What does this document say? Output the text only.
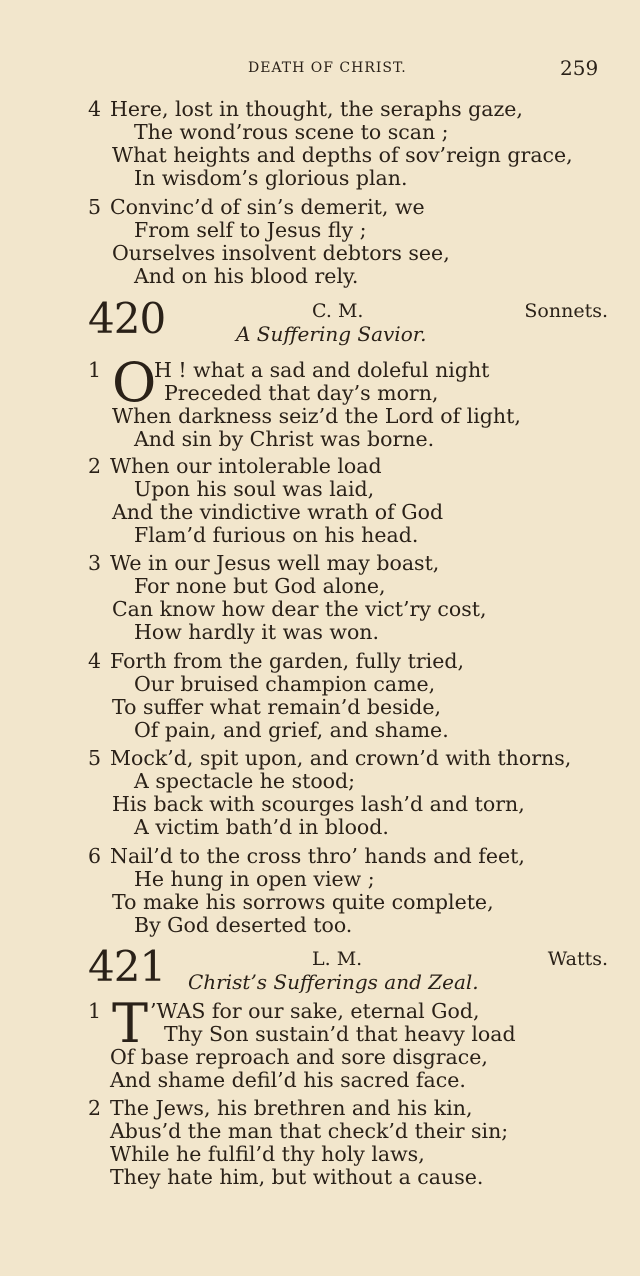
DEATH OF CHRIST.	259
4 Here, lost in thought, the seraphs gaze,
The wond’rous scene to scan ;
What heights and depths of sov’reign grace,
In wisdom’s glorious plan.
5 Convinc’d of sin’s demerit, we
From self to Jesus fly ;
Ourselves insolvent debtors see,
And on his blood rely.
420	C. M.	Sonnets.
A Suffering Savior.
O
1	H ! what a sad and doleful night
Preceded that day’s morn,
When darkness seiz’d the Lord of light,
And sin by Christ was borne.
2 When our intolerable load
Upon his soul was laid,
And the vindictive wrath of God
Flam’d furious on his head.
3 We in our Jesus well may boast,
For none but God alone,
Can know how dear the vict’ry cost,
How hardly it was won.
4 Forth from the garden, fully tried,
Our bruised champion came,
To suffer what remain’d beside,
Of pain, and grief, and shame.
5 Mock’d, spit upon, and crown’d with thorns,
A spectacle he stood;
His back with scourges lash’d and torn,
A victim bath’d in blood.
6 Nail’d to the cross thro’ hands and feet,
He hung in open view ;
To make his sorrows quite complete,
By God deserted too.
421	L. M.	Watts.
Christ’s Sufferings and Zeal.
T
1 ’WAS for our sake, eternal God,
Thy Son sustain’d that heavy load
Of base reproach and sore disgrace,
And shame defil’d his sacred face.
2 The Jews, his brethren and his kin,
Abus’d the man that check’d their sin;
While he fulfil’d thy holy laws,
They hate him, but without a cause.
